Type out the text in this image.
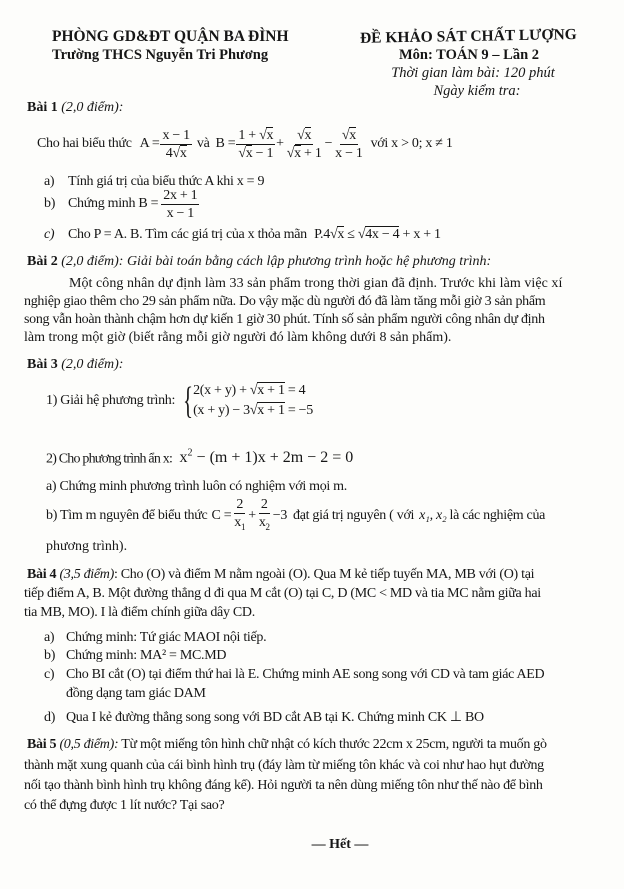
PHÒNG GD&ĐT QUẬN BA ĐÌNH
Trường THCS Nguyễn Tri Phương
ĐỀ KHẢO SÁT CHẤT LƯỢNG
Môn: TOÁN 9 – Lần 2
Thời gian làm bài: 120 phút
Ngày kiểm tra:
Bài 1 (2,0 điểm):
Cho hai biểu thức $A = \frac{x - 1}{4√x}$ và $B = \frac{1 + √x}{√x - 1} + \frac{√x}{√x + 1} - \frac{√x}{x - 1}$ với x > 0; x ≠ 1
a) Tính giá trị của biểu thức A khi x = 9
b) Chứng minh $B = \frac{2x + 1}{x - 1}$
c) Cho P = A. B. Tìm các giá trị của x thỏa mãn P.4√x ≤ √4x − 4 + x + 1
Bài 2 (2,0 điểm): Giải bài toán bằng cách lập phương trình hoặc hệ phương trình:
Một công nhân dự định làm 33 sản phẩm trong thời gian đã định. Trước khi làm việc xí
nghiệp giao thêm cho 29 sản phẩm nữa. Do vậy mặc dù người đó đã làm tăng mỗi giờ 3 sản phẩm
song vẫn hoàn thành chậm hơn dự kiến 1 giờ 30 phút. Tính số sản phẩm người công nhân dự định
làm trong một giờ (biết rằng mỗi giờ người đó làm không dưới 8 sản phẩm).
Bài 3 (2,0 điểm):
1) Giải hệ phương trình: { 2(x + y) + √x + 1 = 4
(x + y) − 3√x + 1 = −5
2) Cho phương trình ẩn x: $x^2 - (m + 1)x + 2m - 2 = 0$
a) Chứng minh phương trình luôn có nghiệm với mọi m.
b) Tìm m nguyên để biểu thức $C = \frac{2}{x_1} + \frac{2}{x_2} -3$ đạt giá trị nguyên ( với x₁, x₂ là các nghiệm của
phương trình).
Bài 4 (3,5 điểm): Cho (O) và điểm M nằm ngoài (O). Qua M kẻ tiếp tuyến MA, MB với (O) tại
tiếp điểm A, B. Một đường thẳng d đi qua M cắt (O) tại C, D (MC < MD và tia MC nằm giữa hai
tia MB, MO). I là điểm chính giữa dây CD.
a) Chứng minh: Tứ giác MAOI nội tiếp.
b) Chứng minh: MA² = MC.MD
c) Cho BI cắt (O) tại điểm thứ hai là E. Chứng minh AE song song với CD và tam giác AED
đồng dạng tam giác DAM
d) Qua I kẻ đường thẳng song song với BD cắt AB tại K. Chứng minh CK ⊥ BO
Bài 5 (0,5 điểm): Từ một miếng tôn hình chữ nhật có kích thước 22cm x 25cm, người ta muốn gò
thành mặt xung quanh của cái bình hình trụ (đáy làm từ miếng tôn khác và coi như hao hụt đường
nối tạo thành bình hình trụ không đáng kể). Hỏi người ta nên dùng miếng tôn như thế nào để bình
có thể đựng được 1 lít nước? Tại sao?
— Hết —
